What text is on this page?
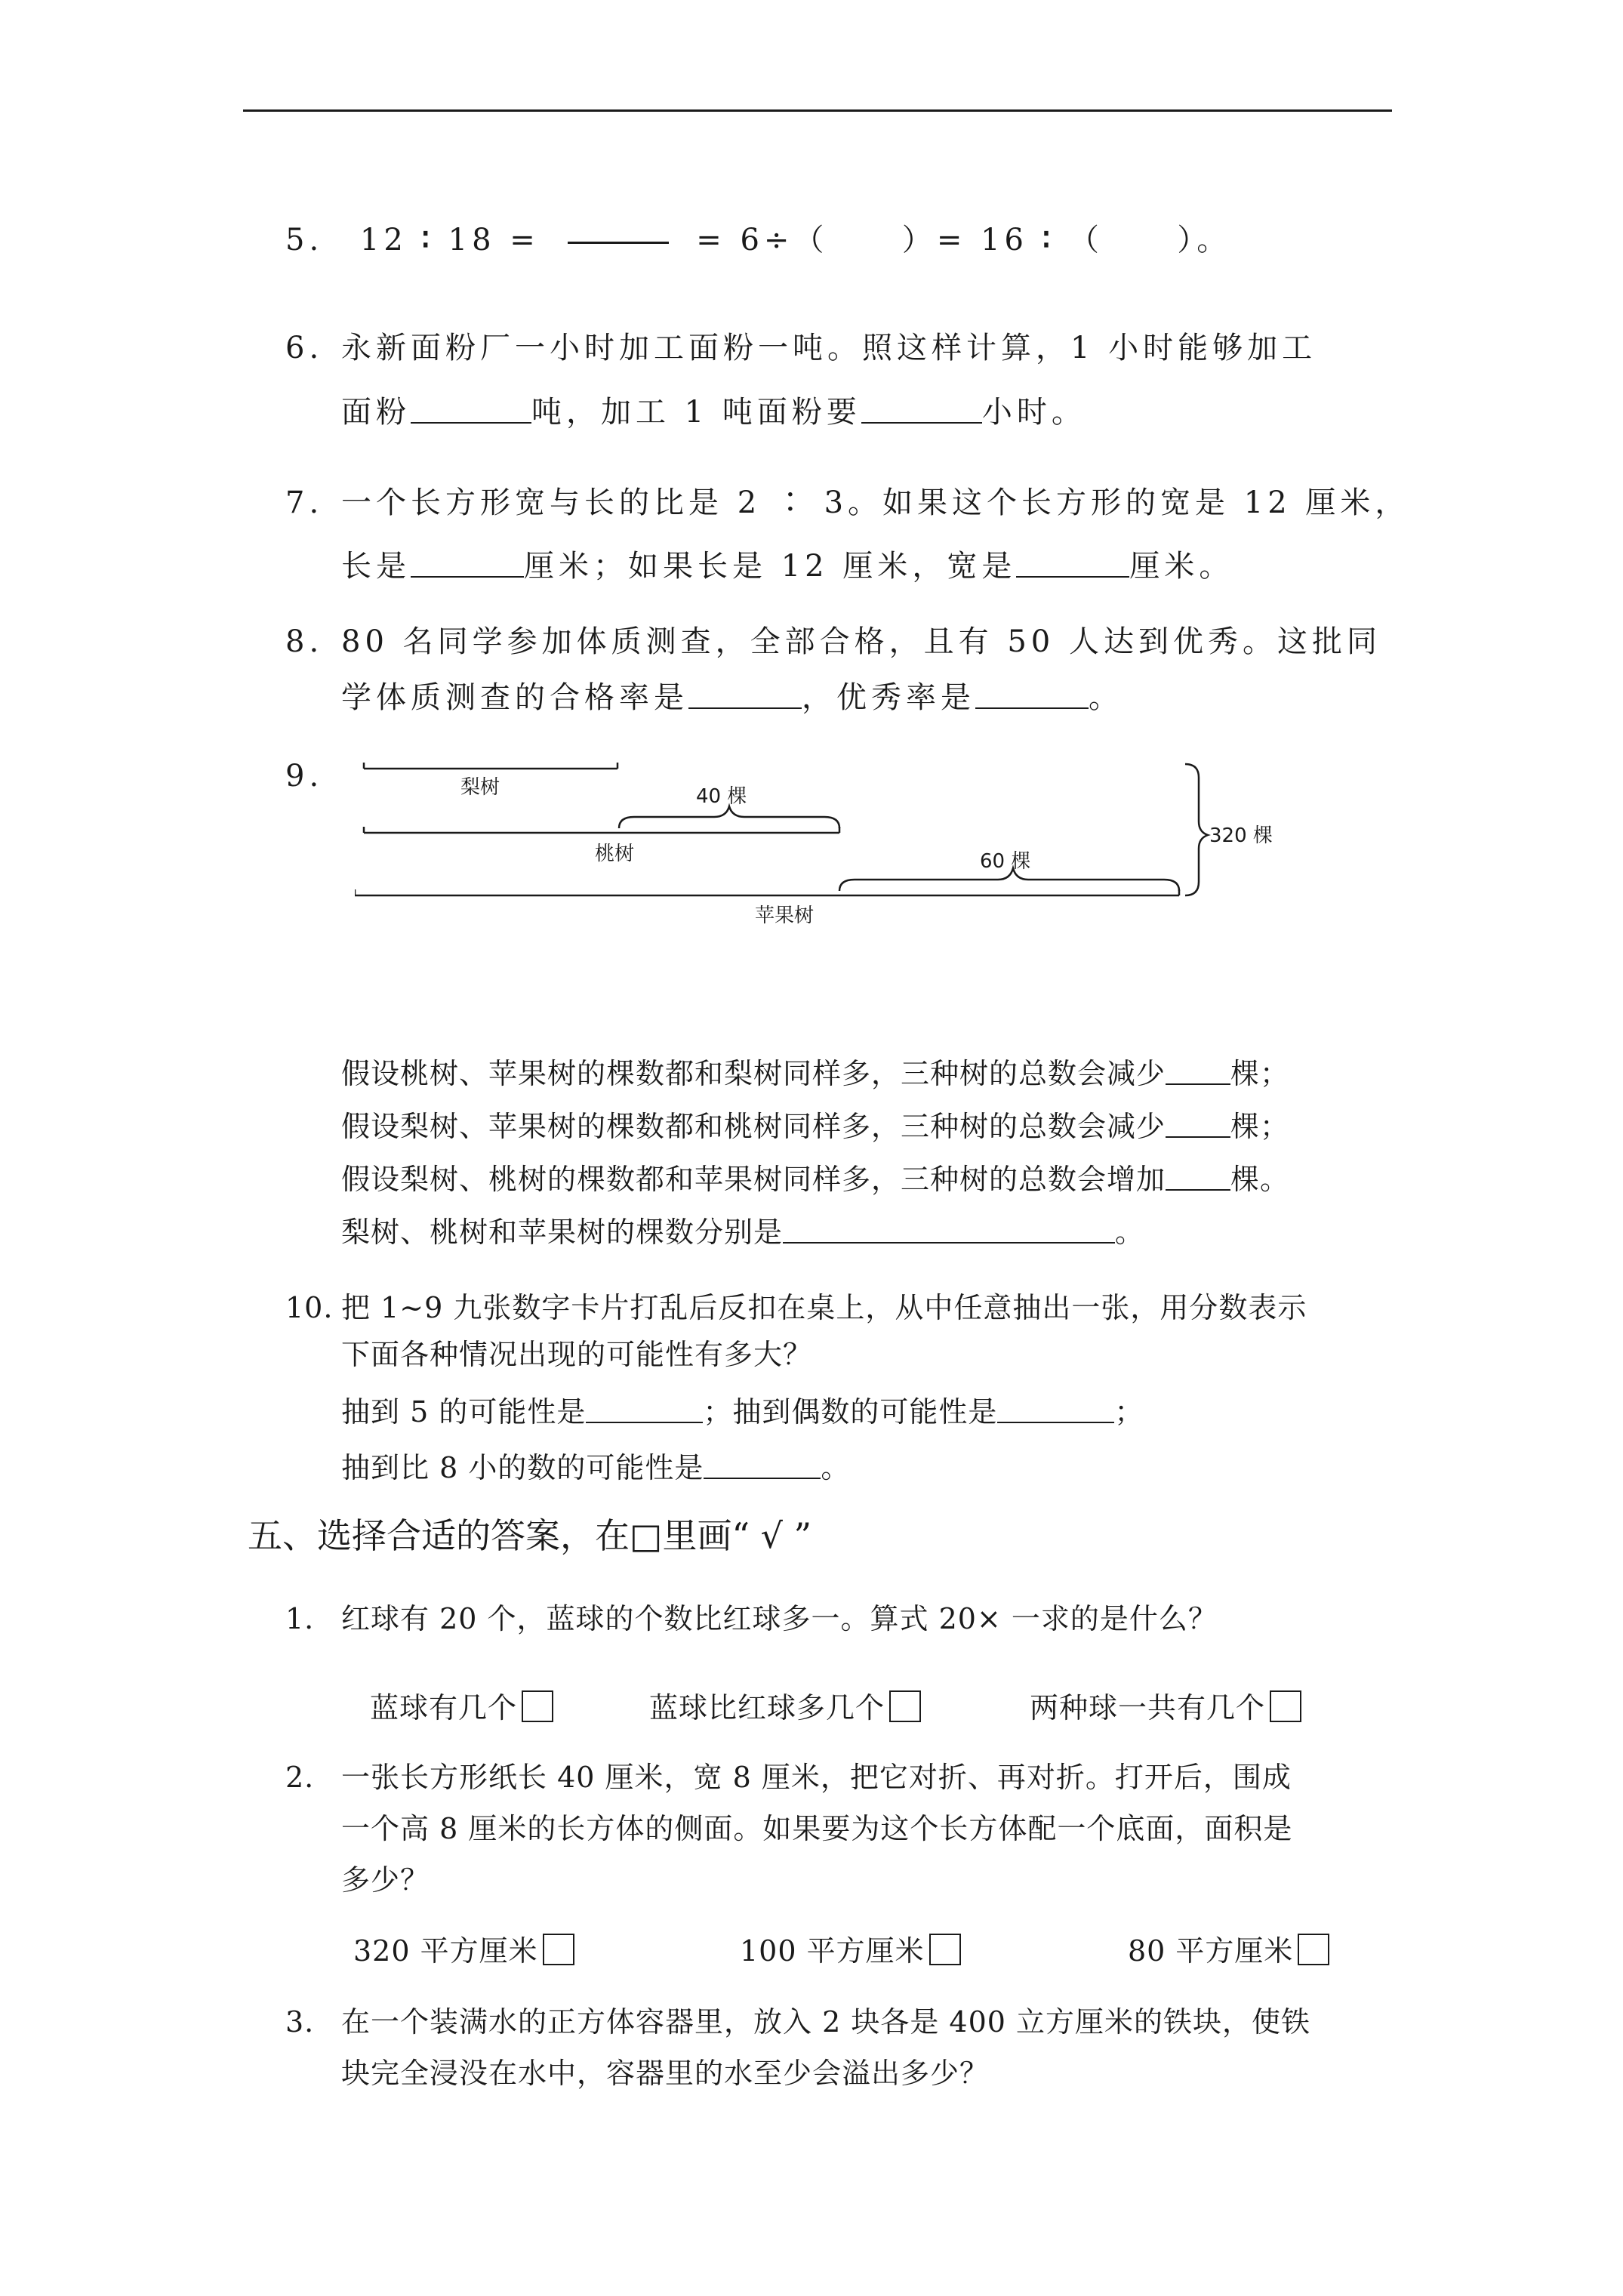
5. 12 ∶ 18 =	= 6÷（ ）= 16 ∶ （ ）。
6. 永新面粉厂一小时加工面粉一吨。照这样计算，1 小时能够加工
面粉	吨，加工 1 吨面粉要	小时。
7. 一个长方形宽与长的比是 2 ∶ 3。如果这个长方形的宽是 12 厘米，
长是	厘米；如果长是 12 厘米，宽是	厘米。
8. 80 名同学参加体质测查，全部合格，且有 50 人达到优秀。这批同
学体质测查的合格率是	，优秀率是	。
9.	梨树	40 棵
桃树	60 棵
320 棵
苹果树
假设桃树、苹果树的棵数都和梨树同样多，三种树的总数会减少 棵；
假设梨树、苹果树的棵数都和桃树同样多，三种树的总数会减少 棵；
假设梨树、桃树的棵数都和苹果树同样多，三种树的总数会增加 棵。
梨树、桃树和苹果树的棵数分别是	。
10. 把 1~9 九张数字卡片打乱后反扣在桌上，从中任意抽出一张，用分数表示
下面各种情况出现的可能性有多大？
抽到 5 的可能性是	；抽到偶数的可能性是	；
抽到比 8 小的数的可能性是	。
五、选择合适的答案，在□里画“ √ ”
1. 红球有 20 个，蓝球的个数比红球多一。算式 20× 一求的是什么？
蓝球有几个	蓝球比红球多几个	两种球一共有几个
2. 一张长方形纸长 40 厘米，宽 8 厘米，把它对折、再对折。打开后，围成
一个高 8 厘米的长方体的侧面。如果要为这个长方体配一个底面，面积是
多少？
320 平方厘米	100 平方厘米	80 平方厘米
3. 在一个装满水的正方体容器里，放入 2 块各是 400 立方厘米的铁块，使铁
块完全浸没在水中，容器里的水至少会溢出多少？
